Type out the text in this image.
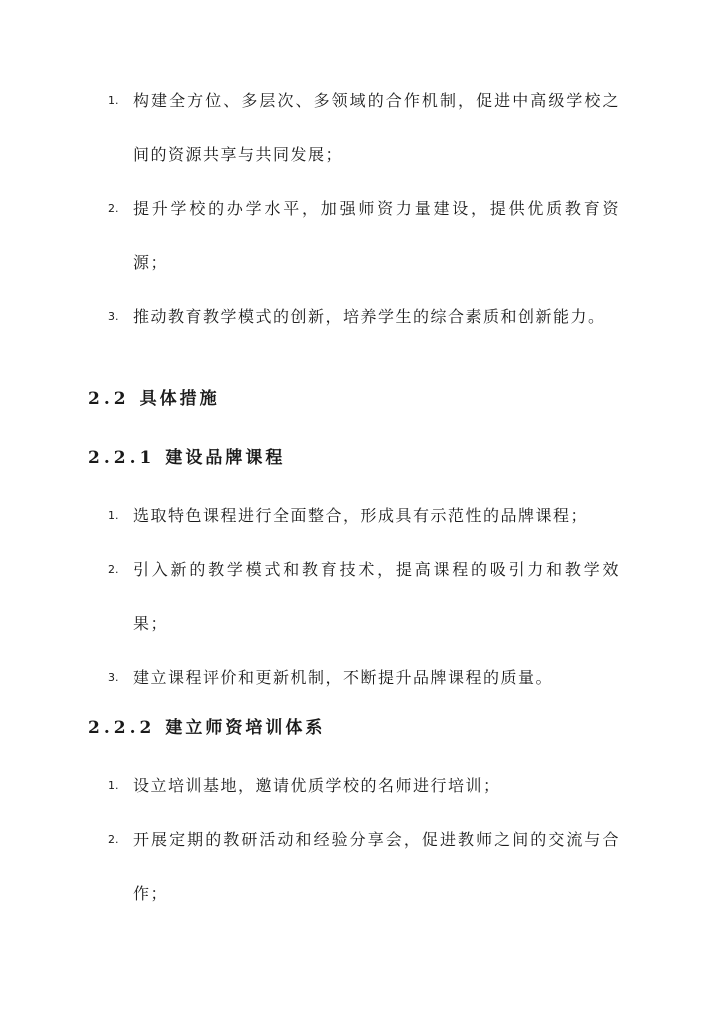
1. 构建全方位、多层次、多领域的合作机制，促进中高级学校之间的资源共享与共同发展；
2. 提升学校的办学水平，加强师资力量建设，提供优质教育资源；
3. 推动教育教学模式的创新，培养学生的综合素质和创新能力。
2.2 具体措施
2.2.1 建设品牌课程
1. 选取特色课程进行全面整合，形成具有示范性的品牌课程；
2. 引入新的教学模式和教育技术，提高课程的吸引力和教学效果；
3. 建立课程评价和更新机制，不断提升品牌课程的质量。
2.2.2 建立师资培训体系
1. 设立培训基地，邀请优质学校的名师进行培训；
2. 开展定期的教研活动和经验分享会，促进教师之间的交流与合作；
